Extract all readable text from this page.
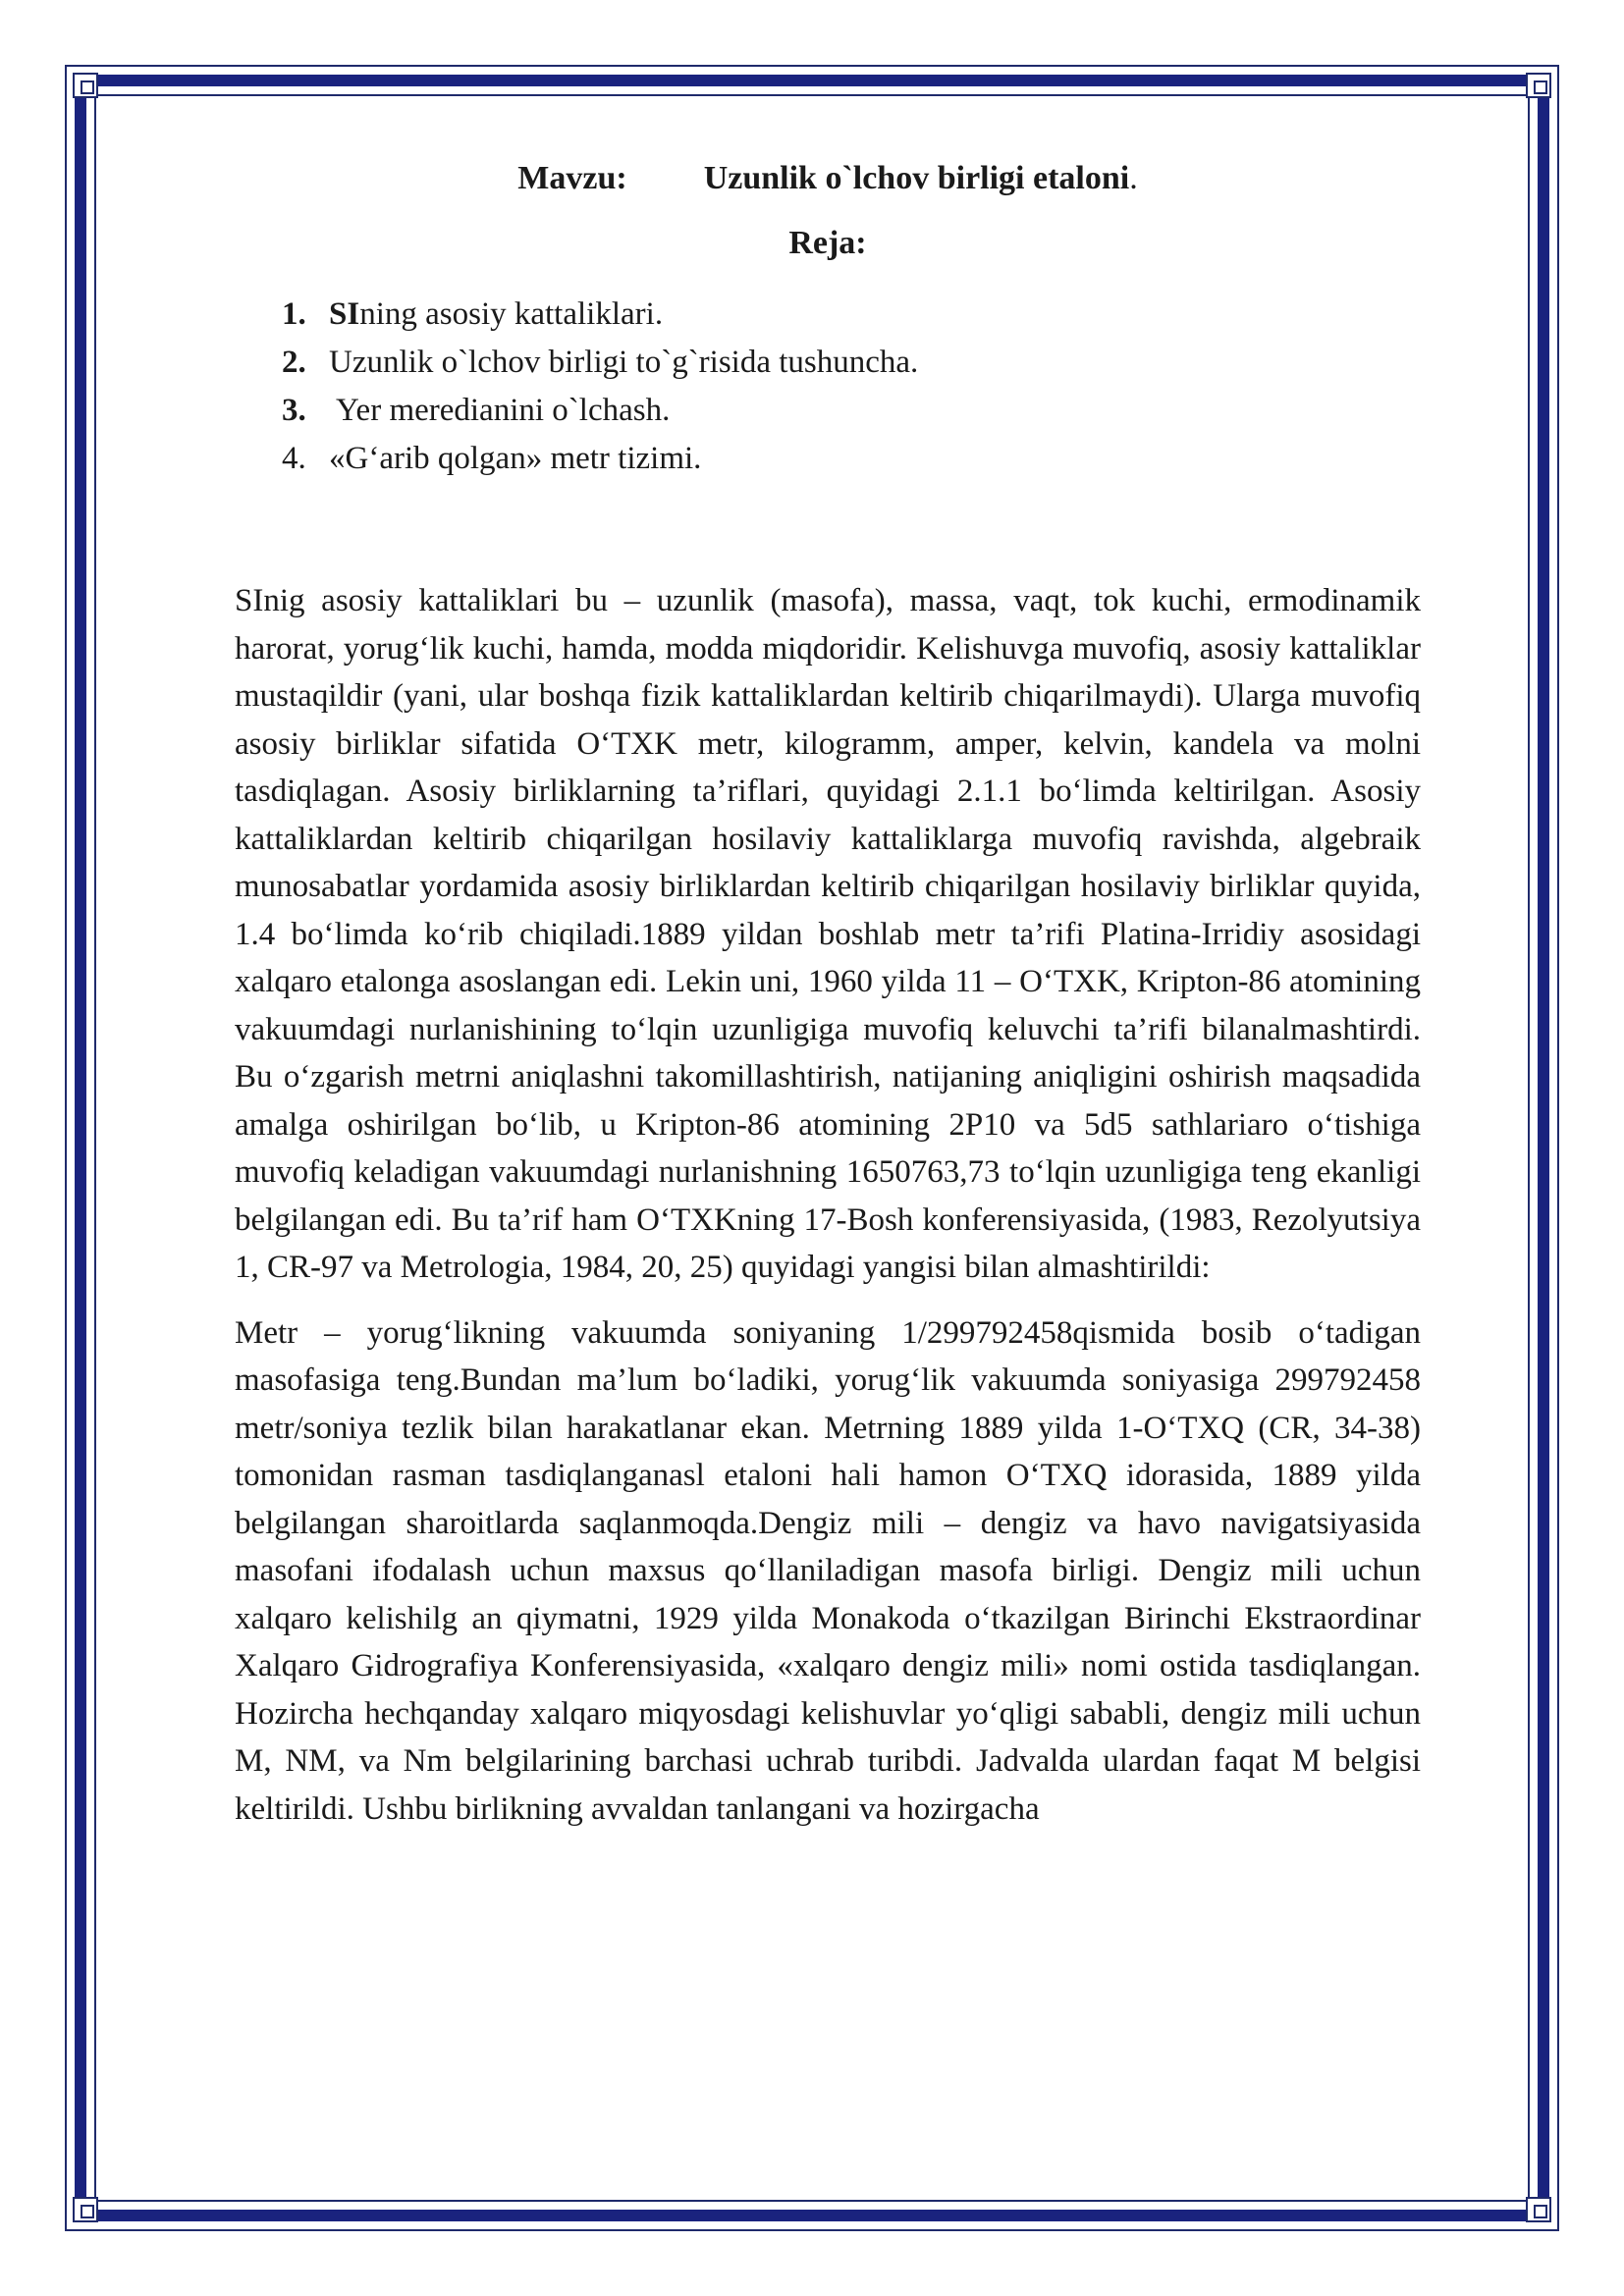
Mavzu: Uzunlik o`lchov birligi etaloni.
Reja:
1. SIning asosiy kattaliklari.
2. Uzunlik o`lchov birligi to`g`risida tushuncha.
3. Yer meredianini o`lchash.
4. «G‘arib qolgan» metr tizimi.

SInig asosiy kattaliklari bu – uzunlik (masofa), massa, vaqt, tok kuchi, ermodinamik harorat, yorug‘lik kuchi, hamda, modda miqdoridir. Kelishuvga muvofiq, asosiy kattaliklar mustaqildir (yani, ular boshqa fizik kattaliklardan keltirib chiqarilmaydi). Ularga muvofiq asosiy birliklar sifatida O‘TXK metr, kilogramm, amper, kelvin, kandela va molni tasdiqlagan. Asosiy birliklarning ta’riflari, quyidagi 2.1.1 bo‘limda keltirilgan. Asosiy kattaliklardan keltirib chiqarilgan hosilaviy kattaliklarga muvofiq ravishda, algebraik munosabatlar yordamida asosiy birliklardan keltirib chiqarilgan hosilaviy birliklar quyida, 1.4 bo‘limda ko‘rib chiqiladi.1889 yildan boshlab metr ta’rifi Platina-Irridiy asosidagi xalqaro etalonga asoslangan edi. Lekin uni, 1960 yilda 11 – O‘TXK, Kripton-86 atomining vakuumdagi nurlanishining to‘lqin uzunligiga muvofiq keluvchi ta’rifi bilanalmashtirdi. Bu o‘zgarish metrni aniqlashni takomillashtirish, natijaning aniqligini oshirish maqsadida amalga oshirilgan bo‘lib, u Kripton-86 atomining 2P10 va 5d5 sathlariaro o‘tishiga muvofiq keladigan vakuumdagi nurlanishning 1650763,73 to‘lqin uzunligiga teng ekanligi belgilangan edi. Bu ta’rif ham O‘TXKning 17-Bosh konferensiyasida, (1983, Rezolyutsiya 1, CR-97 va Metrologia, 1984, 20, 25) quyidagi yangisi bilan almashtirildi:

Metr – yorug‘likning vakuumda soniyaning 1/299792458qismida bosib o‘tadigan masofasiga teng.Bundan ma’lum bo‘ladiki, yorug‘lik vakuumda soniyasiga 299792458 metr/soniya tezlik bilan harakatlanar ekan. Metrning 1889 yilda 1-O‘TXQ (CR, 34-38) tomonidan rasman tasdiqlanganasl etaloni hali hamon O‘TXQ idorasida, 1889 yilda belgilangan sharoitlarda saqlanmoqda.Dengiz mili – dengiz va havo navigatsiyasida masofani ifodalash uchun maxsus qo‘llaniladigan masofa birligi. Dengiz mili uchun xalqaro kelishilg an qiymatni, 1929 yilda Monakoda o‘tkazilgan Birinchi Ekstraordinar Xalqaro Gidrografiya Konferensiyasida, «xalqaro dengiz mili» nomi ostida tasdiqlangan. Hozircha hechqanday xalqaro miqyosdagi kelishuvlar yo‘qligi sababli, dengiz mili uchun M, NM, va Nm belgilarining barchasi uchrab turibdi. Jadvalda ulardan faqat M belgisi keltirildi. Ushbu birlikning avvaldan tanlangani va hozirgacha
